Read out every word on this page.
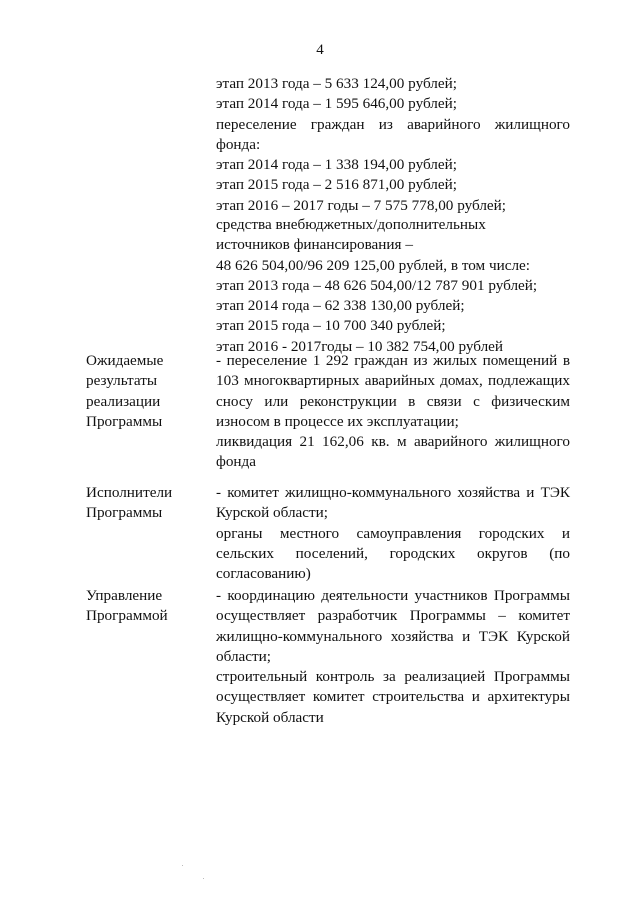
4
этап 2013 года – 5 633 124,00 рублей;
этап 2014 года – 1 595 646,00 рублей;
переселение граждан из аварийного жилищного
фонда:
этап 2014 года – 1 338 194,00 рублей;
этап 2015 года – 2 516 871,00 рублей;
этап 2016 – 2017 годы – 7 575 778,00 рублей;
средства внебюджетных/дополнительных
источников финансирования –
48 626 504,00/96 209 125,00 рублей, в том числе:
этап 2013 года – 48 626 504,00/12 787 901 рублей;
этап 2014 года – 62 338 130,00 рублей;
этап 2015 года – 10 700 340 рублей;
этап 2016 - 2017годы – 10 382 754,00 рублей
Ожидаемые
результаты
реализации
Программы
- переселение 1 292 граждан из жилых помещений в
103 многоквартирных аварийных домах, подлежащих
сносу или реконструкции в связи с физическим
износом в процессе их эксплуатации;
ликвидация 21 162,06 кв. м аварийного жилищного
фонда
Исполнители
Программы
- комитет жилищно-коммунального хозяйства и ТЭК
Курской области;
органы местного самоуправления городских и
сельских поселений, городских округов (по
согласованию)
Управление
Программой
- координацию деятельности участников Программы
осуществляет разработчик Программы – комитет
жилищно-коммунального хозяйства и ТЭК Курской
области;
строительный контроль за реализацией Программы
осуществляет комитет строительства и архитектуры
Курской области
